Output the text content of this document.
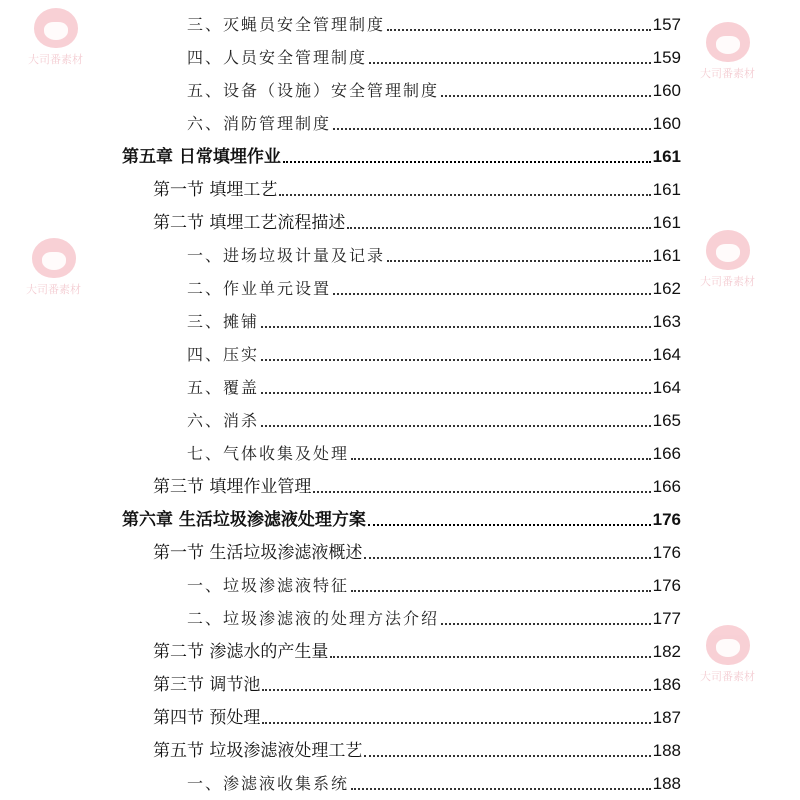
大司番素材
大司番素材
大司番素材
大司番素材
大司番素材
三、灭蝇员安全管理制度	157
四、人员安全管理制度	159
五、设备（设施）安全管理制度	160
六、消防管理制度	160
第五章 日常填埋作业	161
第一节 填埋工艺	161
第二节 填埋工艺流程描述	161
一、进场垃圾计量及记录	161
二、作业单元设置	162
三、摊铺	163
四、压实	164
五、覆盖	164
六、消杀	165
七、气体收集及处理	166
第三节 填埋作业管理	166
第六章 生活垃圾渗滤液处理方案	176
第一节 生活垃圾渗滤液概述	176
一、垃圾渗滤液特征	176
二、垃圾渗滤液的处理方法介绍	177
第二节 渗滤水的产生量	182
第三节 调节池	186
第四节 预处理	187
第五节 垃圾渗滤液处理工艺	188
一、渗滤液收集系统	188
